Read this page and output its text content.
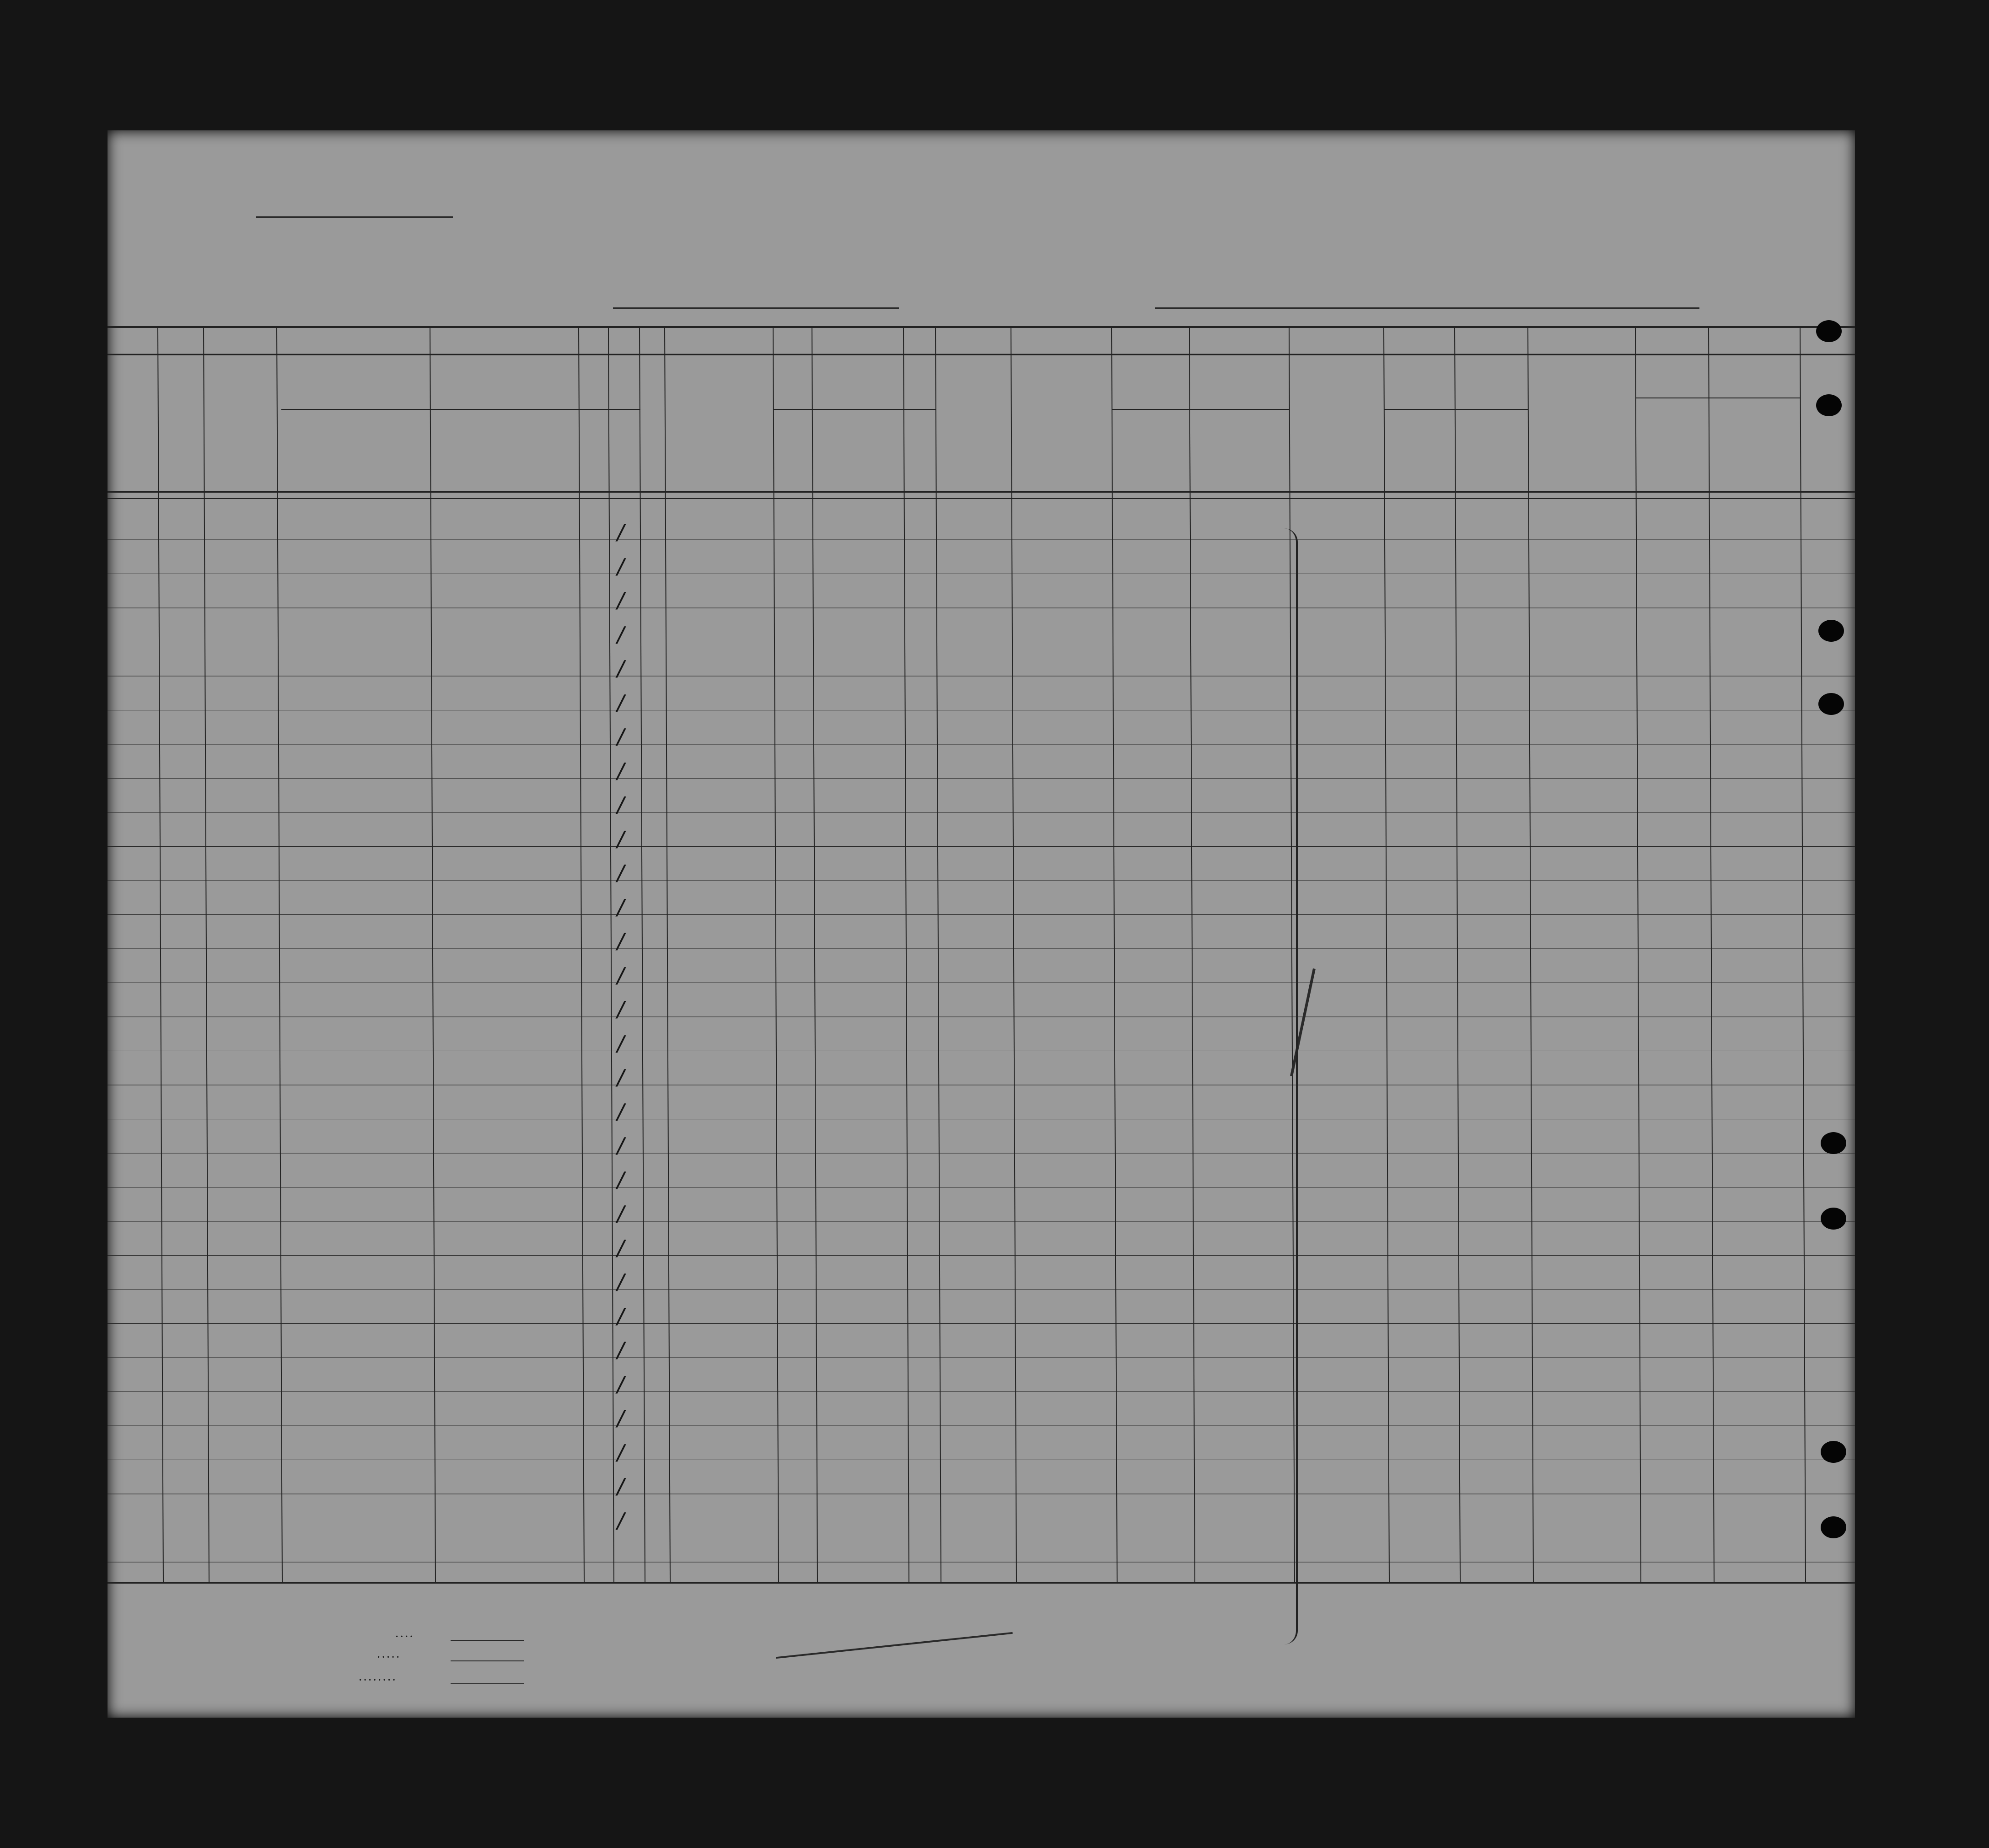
/
/
/
/
/
/
/
/
/
/
/
/
/
/
/
/
/
/
/
/
/
/
/
/
/
/
/
/
/
/
. . . .
. . . . .
. . . . . . . .
